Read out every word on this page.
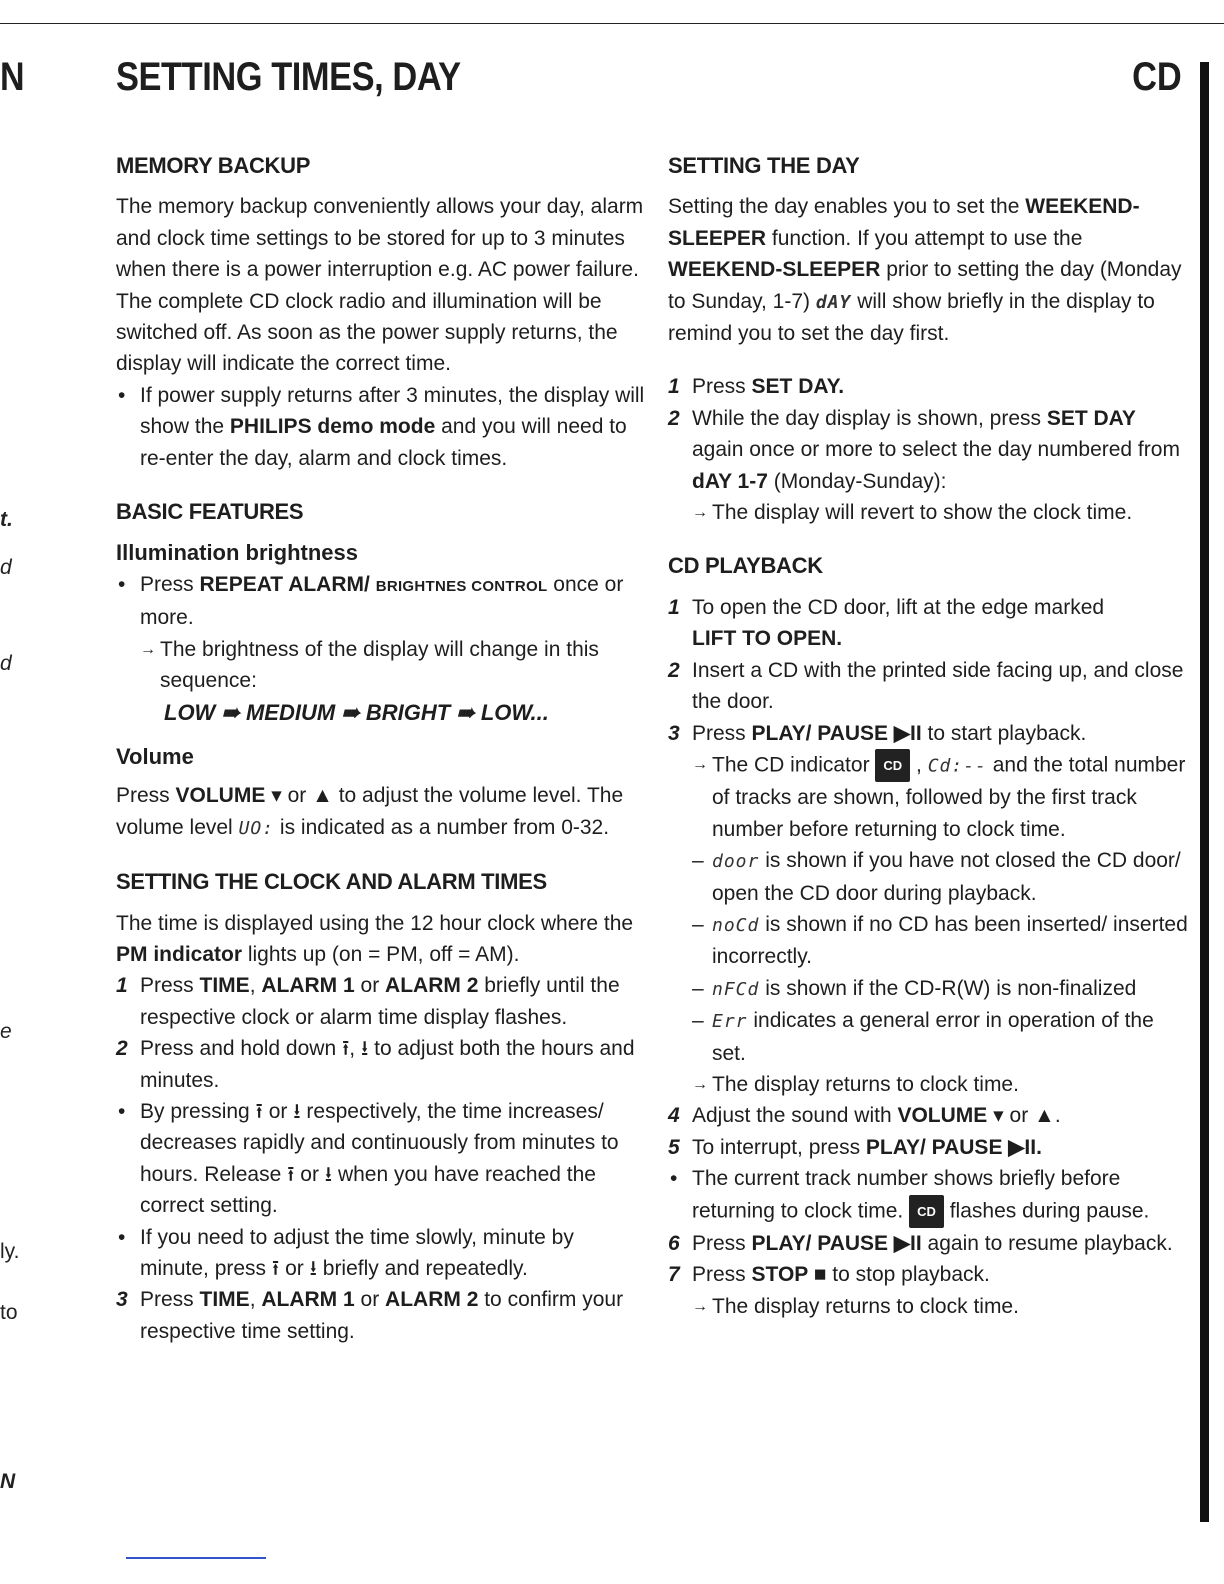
N SETTING TIMES, DAY	CD
t.
d
d
e
ly.
to
N
MEMORY BACKUP

The memory backup conveniently allows your day, alarm and clock time settings to be stored for up to 3 minutes when there is a power interruption e.g. AC power failure.

The complete CD clock radio and illumination will be switched off. As soon as the power supply returns, the display will indicate the correct time.

• If power supply returns after 3 minutes, the display will show the PHILIPS demo mode and you will need to re-enter the day, alarm and clock times.

BASIC FEATURES
Illumination brightness

• Press REPEAT ALARM/ BRIGHTNES CONTROL once or more.

→ The brightness of the display will change in this sequence:

LOW ➠ MEDIUM ➠ BRIGHT ➠ LOW...

Volume

Press VOLUME ▾ or ▲ to adjust the volume level. The volume level UO: is indicated as a number from 0-32.

SETTING THE CLOCK AND ALARM TIMES

The time is displayed using the 12 hour clock where the PM indicator lights up (on = PM, off = AM).

1 Press TIME, ALARM 1 or ALARM 2 briefly until the respective clock or alarm time display flashes.

2 Press and hold down ⭱, ⭳ to adjust both the hours and minutes.

• By pressing ⭱ or ⭳ respectively, the time increases/ decreases rapidly and continuously from minutes to hours. Release ⭱ or ⭳ when you have reached the correct setting.

• If you need to adjust the time slowly, minute by minute, press ⭱ or ⭳ briefly and repeatedly.

3 Press TIME, ALARM 1 or ALARM 2 to confirm your respective time setting.

SETTING THE DAY

Setting the day enables you to set the WEEKEND-SLEEPER function. If you attempt to use the WEEKEND-SLEEPER prior to setting the day (Monday to Sunday, 1-7) dAY will show briefly in the display to remind you to set the day first.

1 Press SET DAY.

2 While the day display is shown, press SET DAY again once or more to select the day numbered from dAY 1-7 (Monday-Sunday):

→ The display will revert to show the clock time.

CD PLAYBACK

1 To open the CD door, lift at the edge marked
LIFT TO OPEN.

2 Insert a CD with the printed side facing up, and close the door.

3 Press PLAY/ PAUSE ▶II to start playback.

→ The CD indicator CD , Cd:-- and the total number of tracks are shown, followed by the first track number before returning to clock time.

– door is shown if you have not closed the CD door/ open the CD door during playback.

– noCd is shown if no CD has been inserted/ inserted incorrectly.

– nFCd is shown if the CD-R(W) is non-finalized

– Err indicates a general error in operation of the set.

→ The display returns to clock time.

4 Adjust the sound with VOLUME ▾ or ▲.

5 To interrupt, press PLAY/ PAUSE ▶II.

• The current track number shows briefly before returning to clock time. CD flashes during pause.

6 Press PLAY/ PAUSE ▶II again to resume playback.

7 Press STOP ■ to stop playback.

→ The display returns to clock time.
